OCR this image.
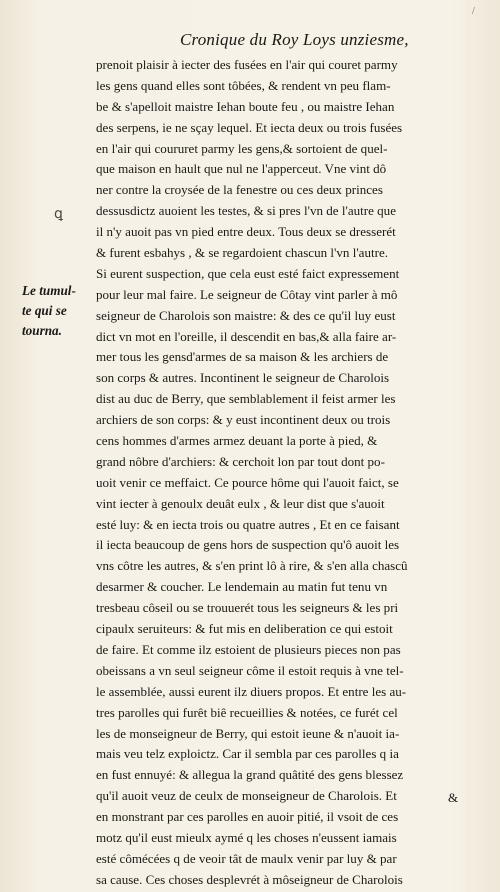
/
Cronique du Roy Loys unziesme,
ꝗ
Le tumul-
te qui se
tourna.
prenoit plaisir à iecter des fusées en l'air qui couret parmy
les gens quand elles sont tôbées, & rendent vn peu flam-
be & s'apelloit maistre Iehan boute feu , ou maistre Iehan
des serpens, ie ne sçay lequel. Et iecta deux ou trois fusées
en l'air qui coururet parmy les gens,& sortoient de quel-
que maison en hault que nul ne l'apperceut. Vne vint dô
ner contre la croysée de la fenestre ou ces deux princes
dessusdictz auoient les testes, & si pres l'vn de l'autre que
il n'y auoit pas vn pied entre deux. Tous deux se dresserét
& furent esbahys , & se regardoient chascun l'vn l'autre.
Si eurent suspection, que cela eust esté faict expressement
pour leur mal faire. Le seigneur de Côtay vint parler à mô
seigneur de Charolois son maistre: & des ce qu'il luy eust
dict vn mot en l'oreille, il descendit en bas,& alla faire ar-
mer tous les gensd'armes de sa maison & les archiers de
son corps & autres. Incontinent le seigneur de Charolois
dist au duc de Berry, que semblablement il feist armer les
archiers de son corps: & y eust incontinent deux ou trois
cens hommes d'armes armez deuant la porte à pied, &
grand nôbre d'archiers: & cerchoit lon par tout dont po-
uoit venir ce meffaict. Ce pource hôme qui l'auoit faict, se
vint iecter à genoulx deuât eulx , & leur dist que s'auoit
esté luy: & en iecta trois ou quatre autres , Et en ce faisant
il iecta beaucoup de gens hors de suspection qu'ô auoit les
vns côtre les autres, & s'en print lô à rire, & s'en alla chascû
desarmer & coucher. Le lendemain au matin fut tenu vn
tresbeau côseil ou se trouuerét tous les seigneurs & les pri
cipaulx seruiteurs: & fut mis en deliberation ce qui estoit
de faire. Et comme ilz estoient de plusieurs pieces non pas
obeissans a vn seul seigneur côme il estoit requis à vne tel-
le assemblée, aussi eurent ilz diuers propos. Et entre les au-
tres parolles qui furêt biê recueillies & notées, ce furét cel
les de monseigneur de Berry, qui estoit ieune & n'auoit ia-
mais veu telz exploictz. Car il sembla par ces parolles q ia
en fust ennuyé: & allegua la grand quâtité des gens blessez
qu'il auoit veuz de ceulx de monseigneur de Charolois. Et
en monstrant par ces parolles en auoir pitié, il vsoit de ces
motz qu'il eust mieulx aymé q les choses n'eussent iamais
esté cômécées q de veoir tât de maulx venir par luy & par
sa cause. Ces choses desplevrét à môseigneur de Charolois
&
